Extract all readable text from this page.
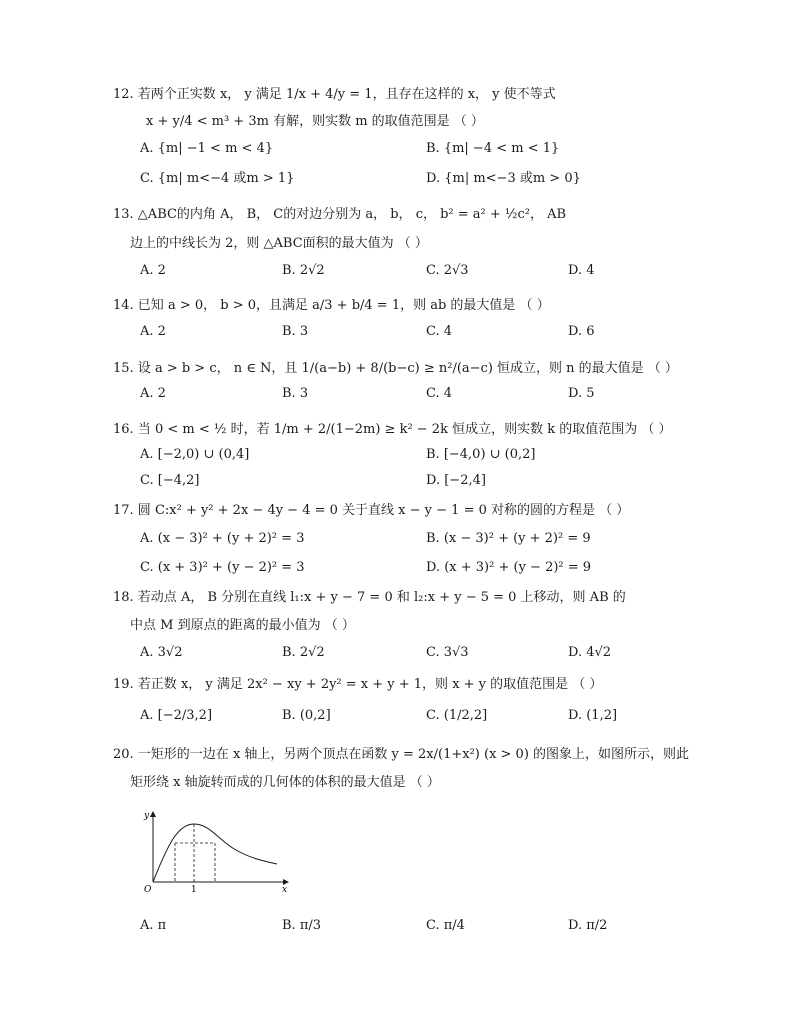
12. 若两个正实数 x， y 满足 1/x + 4/y = 1，且存在这样的 x， y 使不等式
x + y/4 < m³ + 3m 有解，则实数 m 的取值范围是 （ ）
A. {m| −1 < m < 4}	B. {m| −4 < m < 1}
C. {m| m<−4 或m > 1}	D. {m| m<−3 或m > 0}
13. △ABC的内角 A， B， C的对边分别为 a， b， c， b² = a² + ½c²， AB
边上的中线长为 2，则 △ABC面积的最大值为 （ ）
A. 2	B. 2√2	C. 2√3	D. 4
14. 已知 a > 0， b > 0，且满足 a/3 + b/4 = 1，则 ab 的最大值是 （ ）
A. 2	B. 3	C. 4	D. 6
15. 设 a > b > c， n ∈ N，且 1/(a−b) + 8/(b−c) ≥ n²/(a−c) 恒成立，则 n 的最大值是 （ ）
A. 2	B. 3	C. 4	D. 5
16. 当 0 < m < ½ 时，若 1/m + 2/(1−2m) ≥ k² − 2k 恒成立，则实数 k 的取值范围为 （ ）
A. [−2,0) ∪ (0,4]	B. [−4,0) ∪ (0,2]
C. [−4,2]	D. [−2,4]
17. 圆 C:x² + y² + 2x − 4y − 4 = 0 关于直线 x − y − 1 = 0 对称的圆的方程是 （ ）
A. (x − 3)² + (y + 2)² = 3	B. (x − 3)² + (y + 2)² = 9
C. (x + 3)² + (y − 2)² = 3	D. (x + 3)² + (y − 2)² = 9
18. 若动点 A， B 分别在直线 l₁:x + y − 7 = 0 和 l₂:x + y − 5 = 0 上移动，则 AB 的
中点 M 到原点的距离的最小值为 （ ）
A. 3√2	B. 2√2	C. 3√3	D. 4√2
19. 若正数 x， y 满足 2x² − xy + 2y² = x + y + 1，则 x + y 的取值范围是 （ ）
A. [−2/3,2]	B. (0,2]	C. (1/2,2]	D. (1,2]
20. 一矩形的一边在 x 轴上，另两个顶点在函数 y = 2x/(1+x²) (x > 0) 的图象上，如图所示，则此
矩形绕 x 轴旋转而成的几何体的体积的最大值是 （ ）
y
x
O	1
A. π	B. π/3	C. π/4	D. π/2
